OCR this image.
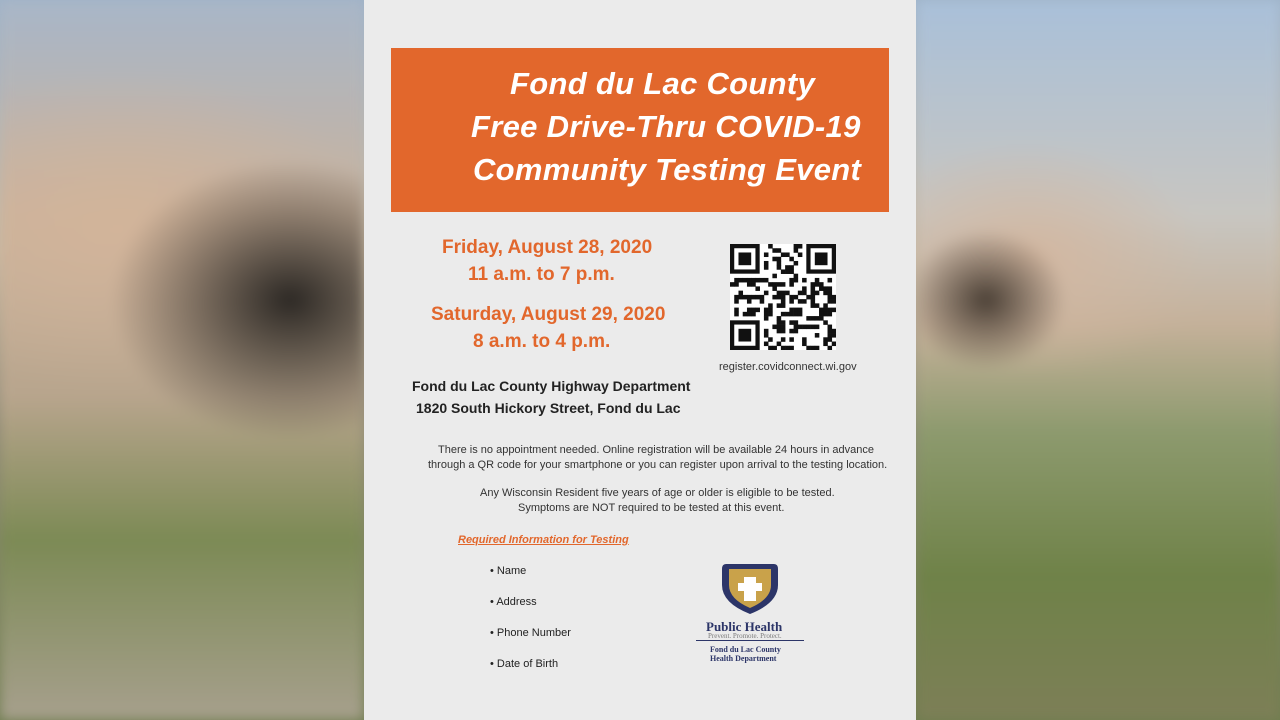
Fond du Lac County
Free Drive-Thru COVID-19
Community Testing Event
Friday, August 28, 2020
11 a.m. to 7 p.m.
Saturday, August 29, 2020
8 a.m. to 4 p.m.
Fond du Lac County Highway Department
1820 South Hickory Street, Fond du Lac
register.covidconnect.wi.gov
There is no appointment needed. Online registration will be available 24 hours in advance
through a QR code for your smartphone or you can register upon arrival to the testing location.
Any Wisconsin Resident five years of age or older is eligible to be tested.
Symptoms are NOT required to be tested at this event.
Required Information for Testing
• Name
• Address
• Phone Number
• Date of Birth
Public Health
Prevent. Promote. Protect.
Fond du Lac County
Health Department
